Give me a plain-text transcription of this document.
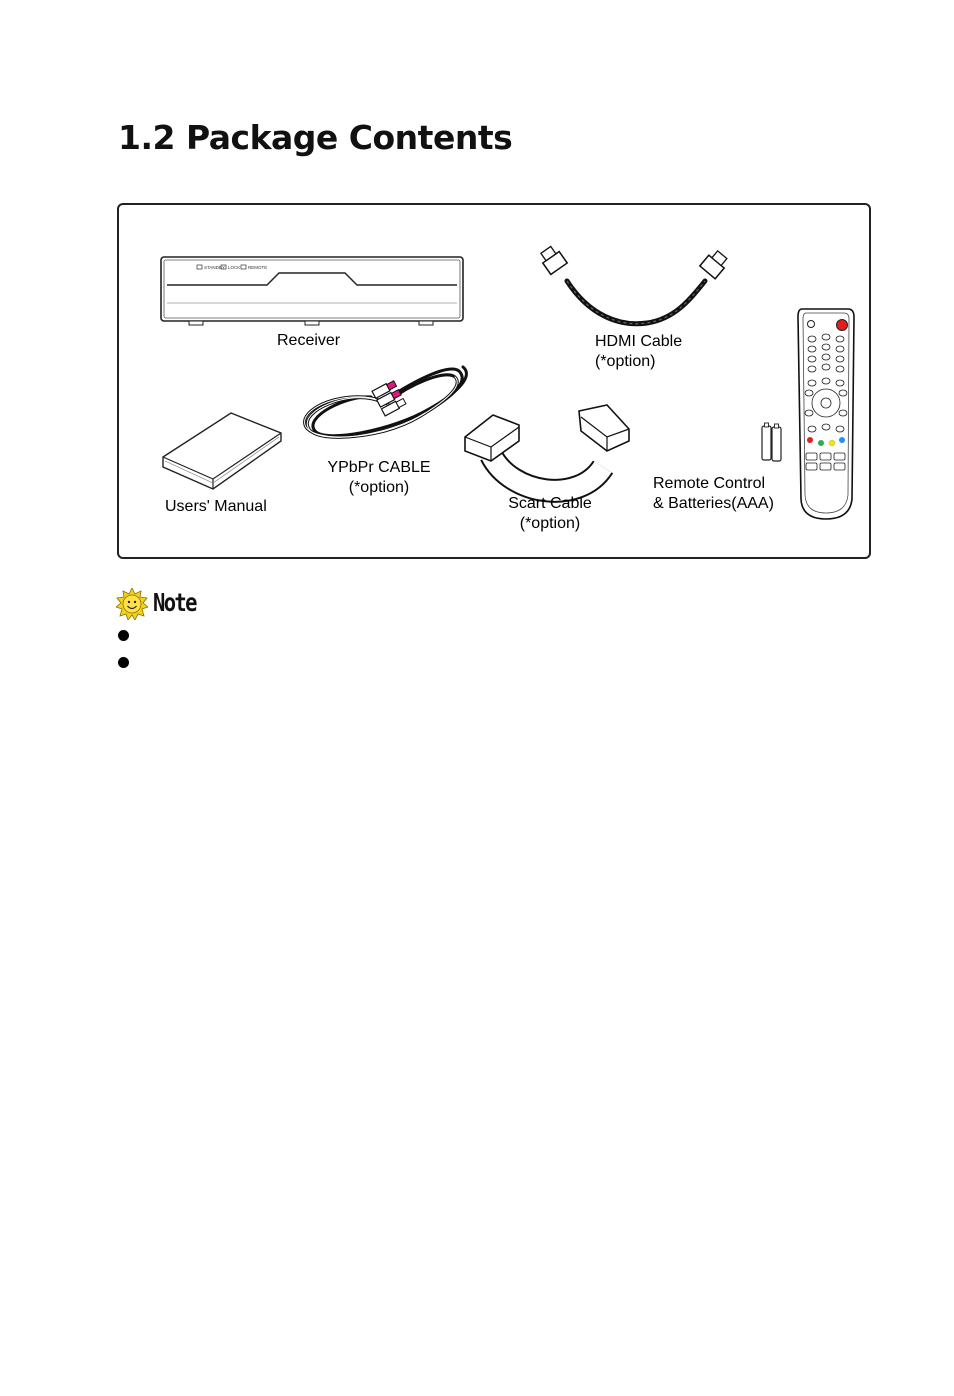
1.2 Package Contents
STANDBY LOCK REMOTE
Receiver	HDMI Cable
(*option)
Users' Manual
YPbPr CABLE
(*option)
Scart Cable
(*option)
Remote Control
& Batteries(AAA)
Note
